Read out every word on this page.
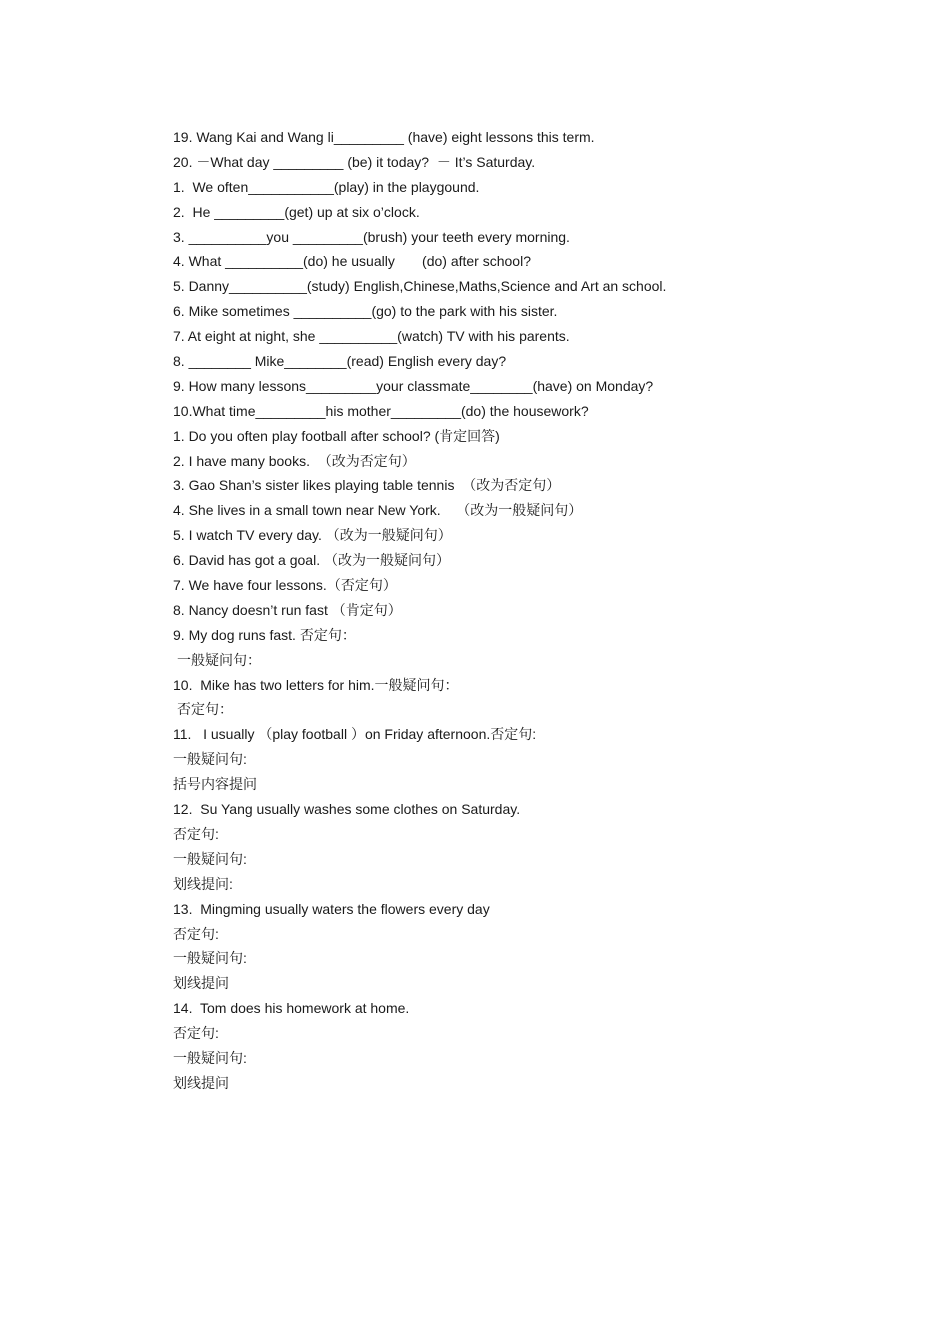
19. Wang Kai and Wang li_________ (have) eight lessons this term.
20. －What day _________ (be) it today?  － It’s Saturday.
1.  We often___________(play) in the playgound.
2.  He _________(get) up at six o’clock.
3. __________you _________(brush) your teeth every morning.
4. What __________(do) he usually       (do) after school?
5. Danny__________(study) English,Chinese,Maths,Science and Art an school.
6. Mike sometimes __________(go) to the park with his sister.
7. At eight at night, she __________(watch) TV with his parents.
8. ________ Mike________(read) English every day?
9. How many lessons_________your classmate________(have) on Monday?
10.What time_________his mother_________(do) the housework?
1. Do you often play football after school? (肯定回答)
2. I have many books.  （改为否定句）
3. Gao Shan’s sister likes playing table tennis  （改为否定句）
4. She lives in a small town near New York.    （改为一般疑问句）
5. I watch TV every day. （改为一般疑问句）
6. David has got a goal. （改为一般疑问句）
7. We have four lessons.（否定句）
8. Nancy doesn’t run fast （肯定句）
9. My dog runs fast. 否定句：
一般疑问句：
10.  Mike has two letters for him.一般疑问句：
否定句：
11.   I usually （play football ）on Friday afternoon.否定句:
一般疑问句:
括号内容提问
12.  Su Yang usually washes some clothes on Saturday.
否定句:
一般疑问句:
划线提问:
13.  Mingming usually waters the flowers every day
否定句:
一般疑问句:
划线提问
14.  Tom does his homework at home.
否定句:
一般疑问句:
划线提问
